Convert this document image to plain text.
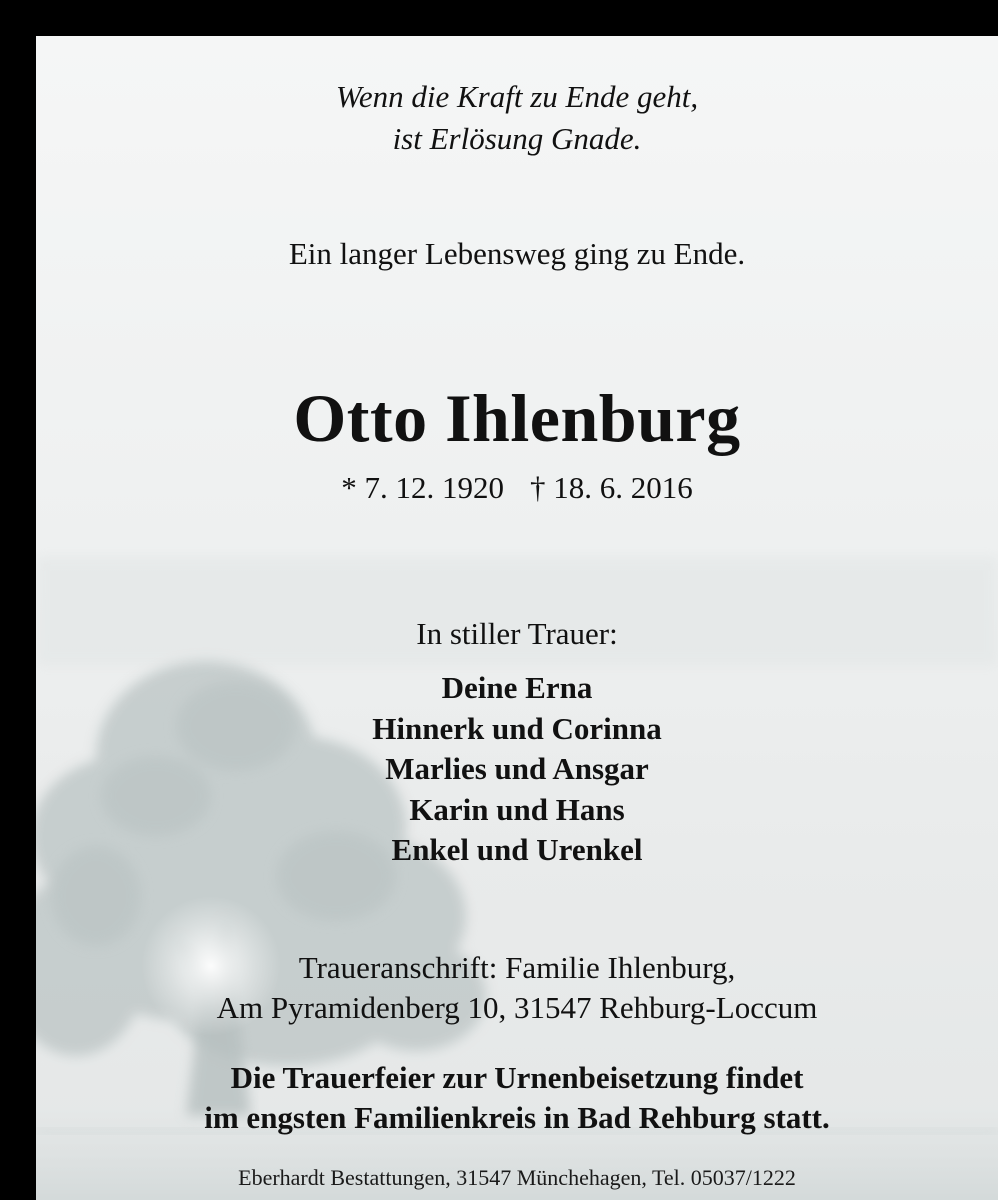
Wenn die Kraft zu Ende geht,
ist Erlösung Gnade.
Ein langer Lebensweg ging zu Ende.
Otto Ihlenburg
* 7. 12. 1920 † 18. 6. 2016
In stiller Trauer:
Deine Erna
Hinnerk und Corinna
Marlies und Ansgar
Karin und Hans
Enkel und Urenkel
Traueranschrift: Familie Ihlenburg,
Am Pyramidenberg 10, 31547 Rehburg-Loccum
Die Trauerfeier zur Urnenbeisetzung findet
im engsten Familienkreis in Bad Rehburg statt.
Eberhardt Bestattungen, 31547 Münchehagen, Tel. 05037/1222
